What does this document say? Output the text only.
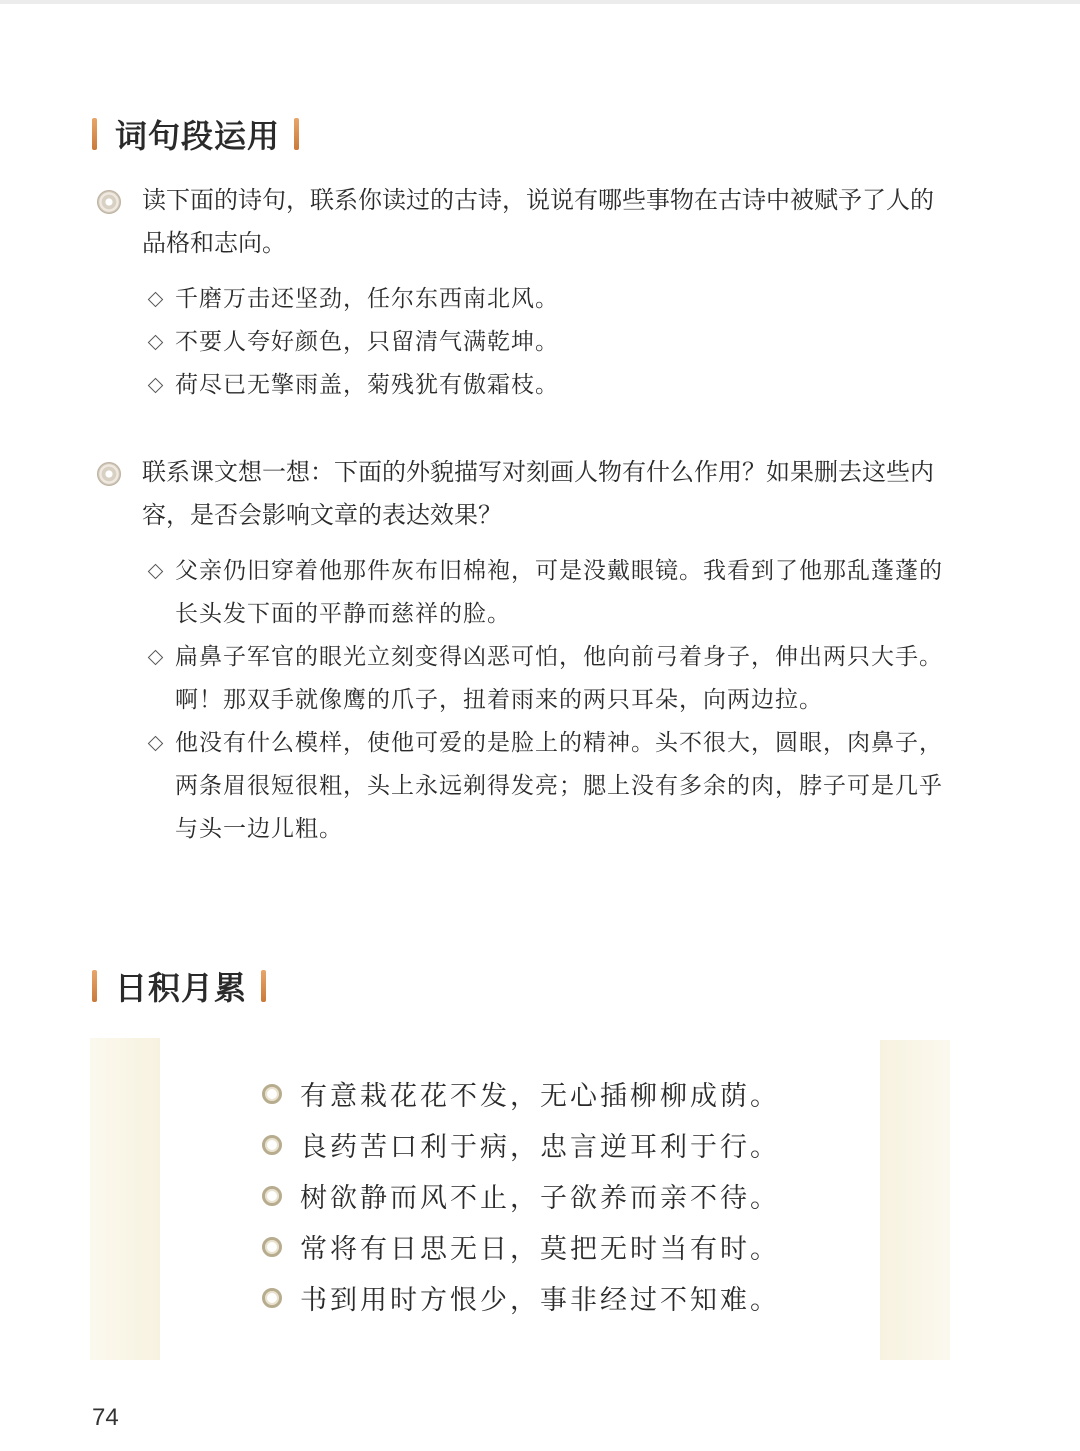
词句段运用
读下面的诗句，联系你读过的古诗，说说有哪些事物在古诗中被赋予了人的品格和志向。
千磨万击还坚劲，任尔东西南北风。
不要人夸好颜色，只留清气满乾坤。
荷尽已无擎雨盖，菊残犹有傲霜枝。
联系课文想一想：下面的外貌描写对刻画人物有什么作用？如果删去这些内容，是否会影响文章的表达效果？
父亲仍旧穿着他那件灰布旧棉袍，可是没戴眼镜。我看到了他那乱蓬蓬的长头发下面的平静而慈祥的脸。
扁鼻子军官的眼光立刻变得凶恶可怕，他向前弓着身子，伸出两只大手。啊！那双手就像鹰的爪子，扭着雨来的两只耳朵，向两边拉。
他没有什么模样，使他可爱的是脸上的精神。头不很大，圆眼，肉鼻子，两条眉很短很粗，头上永远剃得发亮；腮上没有多余的肉，脖子可是几乎与头一边儿粗。
日积月累
有意栽花花不发，无心插柳柳成荫。
良药苦口利于病，忠言逆耳利于行。
树欲静而风不止，子欲养而亲不待。
常将有日思无日，莫把无时当有时。
书到用时方恨少，事非经过不知难。
74
